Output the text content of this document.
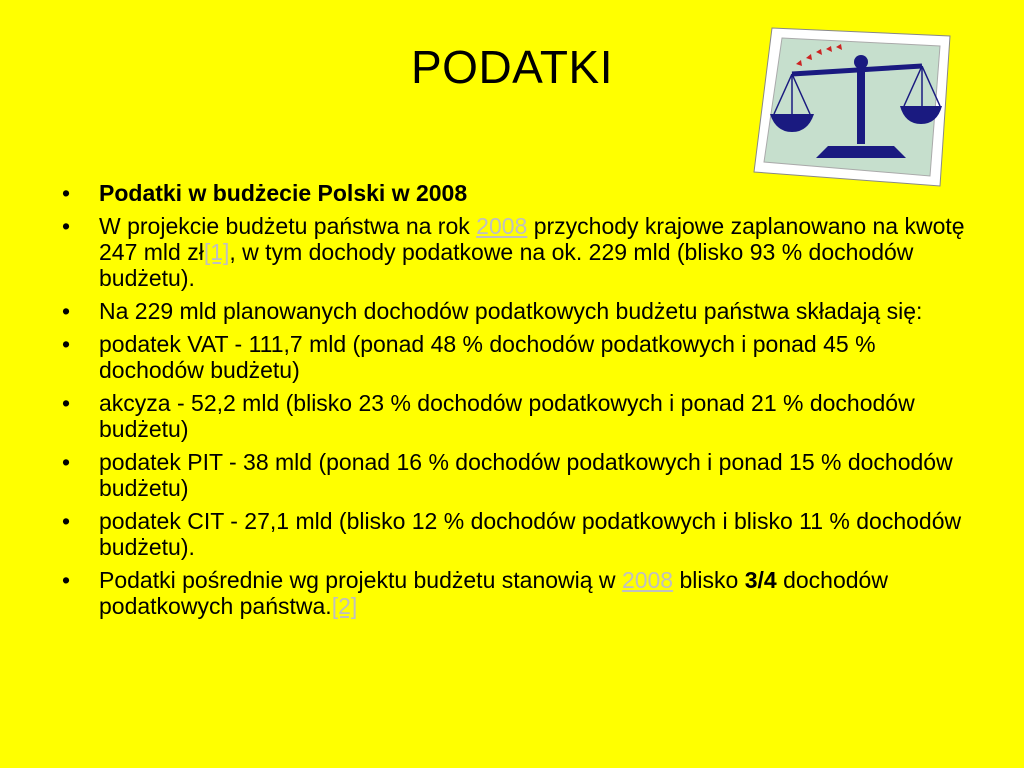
PODATKI
• Podatki w budżecie Polski w 2008
• W projekcie budżetu państwa na rok 2008 przychody krajowe zaplanowano na kwotę 247 mld zł[1], w tym dochody podatkowe na ok. 229 mld (blisko 93 % dochodów budżetu).
• Na 229 mld planowanych dochodów podatkowych budżetu państwa składają się:
• podatek VAT - 111,7 mld (ponad 48 % dochodów podatkowych i ponad 45 % dochodów budżetu)
• akcyza - 52,2 mld (blisko 23 % dochodów podatkowych i ponad 21 % dochodów budżetu)
• podatek PIT - 38 mld (ponad 16 % dochodów podatkowych i ponad 15 % dochodów budżetu)
• podatek CIT - 27,1 mld (blisko 12 % dochodów podatkowych i blisko 11 % dochodów budżetu).
• Podatki pośrednie wg projektu budżetu stanowią w 2008 blisko 3/4 dochodów podatkowych państwa.[2]
